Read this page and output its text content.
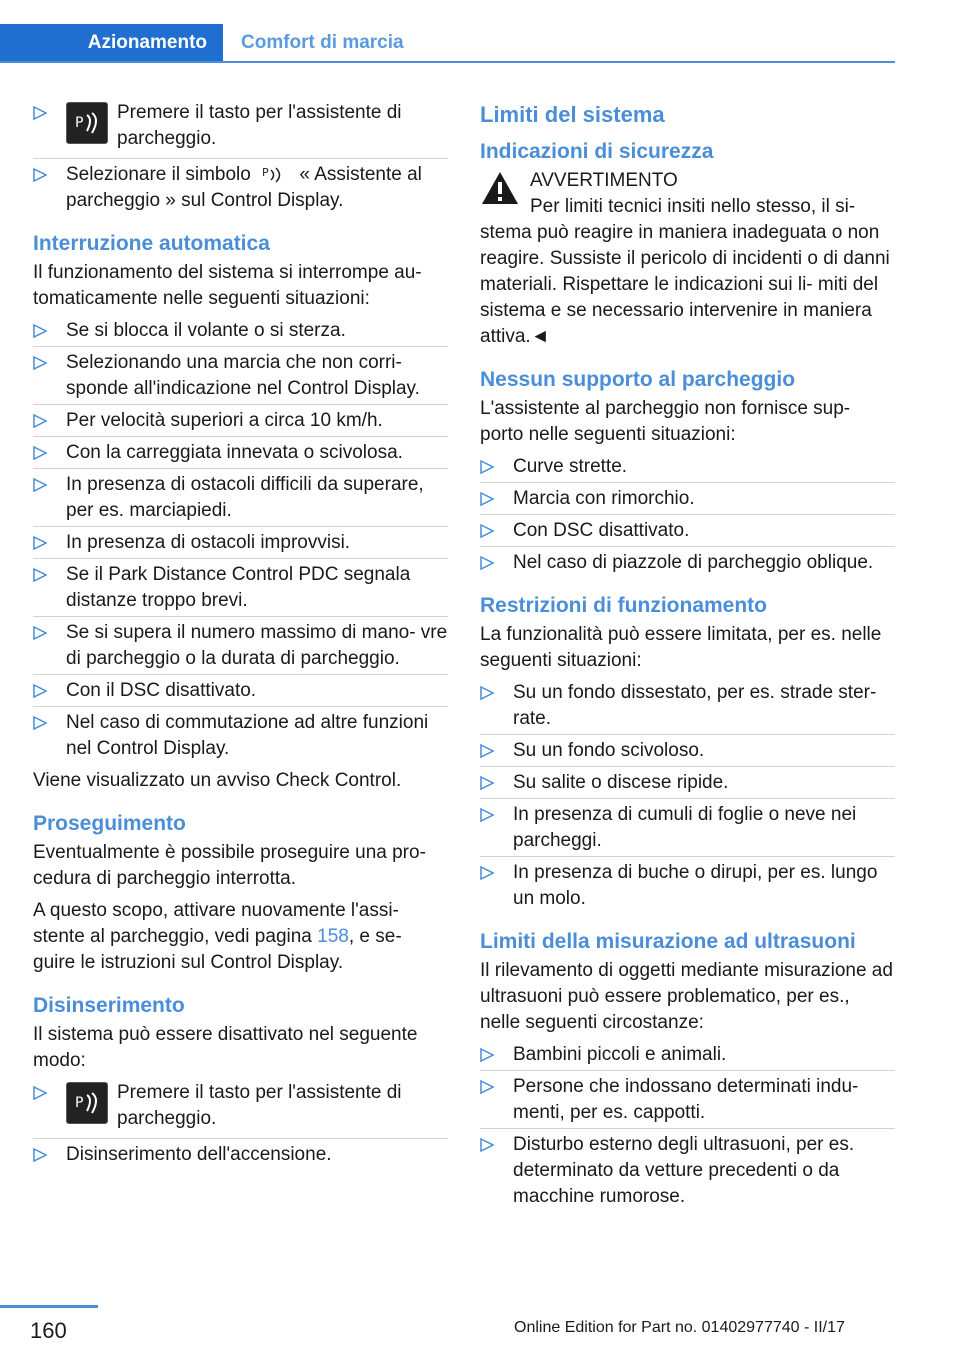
Azionamento	Comfort di marcia
P Premere il tasto per l'assistente di parcheggio.
Selezionare il simbolo P « Assistente al parcheggio » sul Control Display.
Interruzione automatica

Il funzionamento del sistema si interrompe au- tomaticamente nelle seguenti situazioni:

Se si blocca il volante o si sterza.
Selezionando una marcia che non corri- sponde all'indicazione nel Control Display.
Per velocità superiori a circa 10 km/h.
Con la carreggiata innevata o scivolosa.
In presenza di ostacoli difficili da superare, per es. marciapiedi.
In presenza di ostacoli improvvisi.
Se il Park Distance Control PDC segnala distanze troppo brevi.
Se si supera il numero massimo di mano- vre di parcheggio o la durata di parcheggio.
Con il DSC disattivato.
Nel caso di commutazione ad altre funzioni nel Control Display.

Viene visualizzato un avviso Check Control.

Proseguimento

Eventualmente è possibile proseguire una pro- cedura di parcheggio interrotta.

A questo scopo, attivare nuovamente l'assi- stente al parcheggio, vedi pagina 158, e se- guire le istruzioni sul Control Display.

Disinserimento

Il sistema può essere disattivato nel seguente modo:

P Premere il tasto per l'assistente di parcheggio.
Disinserimento dell'accensione.
Limiti del sistema
Indicazioni di sicurezza
AVVERTIMENTO

Per limiti tecnici insiti nello stesso, il si- stema può reagire in maniera inadeguata o non reagire. Sussiste il pericolo di incidenti o di danni materiali. Rispettare le indicazioni sui li- miti del sistema e se necessario intervenire in maniera attiva.◄

Nessun supporto al parcheggio

L'assistente al parcheggio non fornisce sup- porto nelle seguenti situazioni:

Curve strette.
Marcia con rimorchio.
Con DSC disattivato.
Nel caso di piazzole di parcheggio oblique.
Restrizioni di funzionamento

La funzionalità può essere limitata, per es. nelle seguenti situazioni:

Su un fondo dissestato, per es. strade ster- rate.
Su un fondo scivoloso.
Su salite o discese ripide.
In presenza di cumuli di foglie o neve nei parcheggi.
In presenza di buche o dirupi, per es. lungo un molo.
Limiti della misurazione ad ultrasuoni

Il rilevamento di oggetti mediante misurazione ad ultrasuoni può essere problematico, per es., nelle seguenti circostanze:

Bambini piccoli e animali.
Persone che indossano determinati indu- menti, per es. cappotti.
Disturbo esterno degli ultrasuoni, per es. determinato da vetture precedenti o da macchine rumorose.
160	Online Edition for Part no. 01402977740 - II/17
